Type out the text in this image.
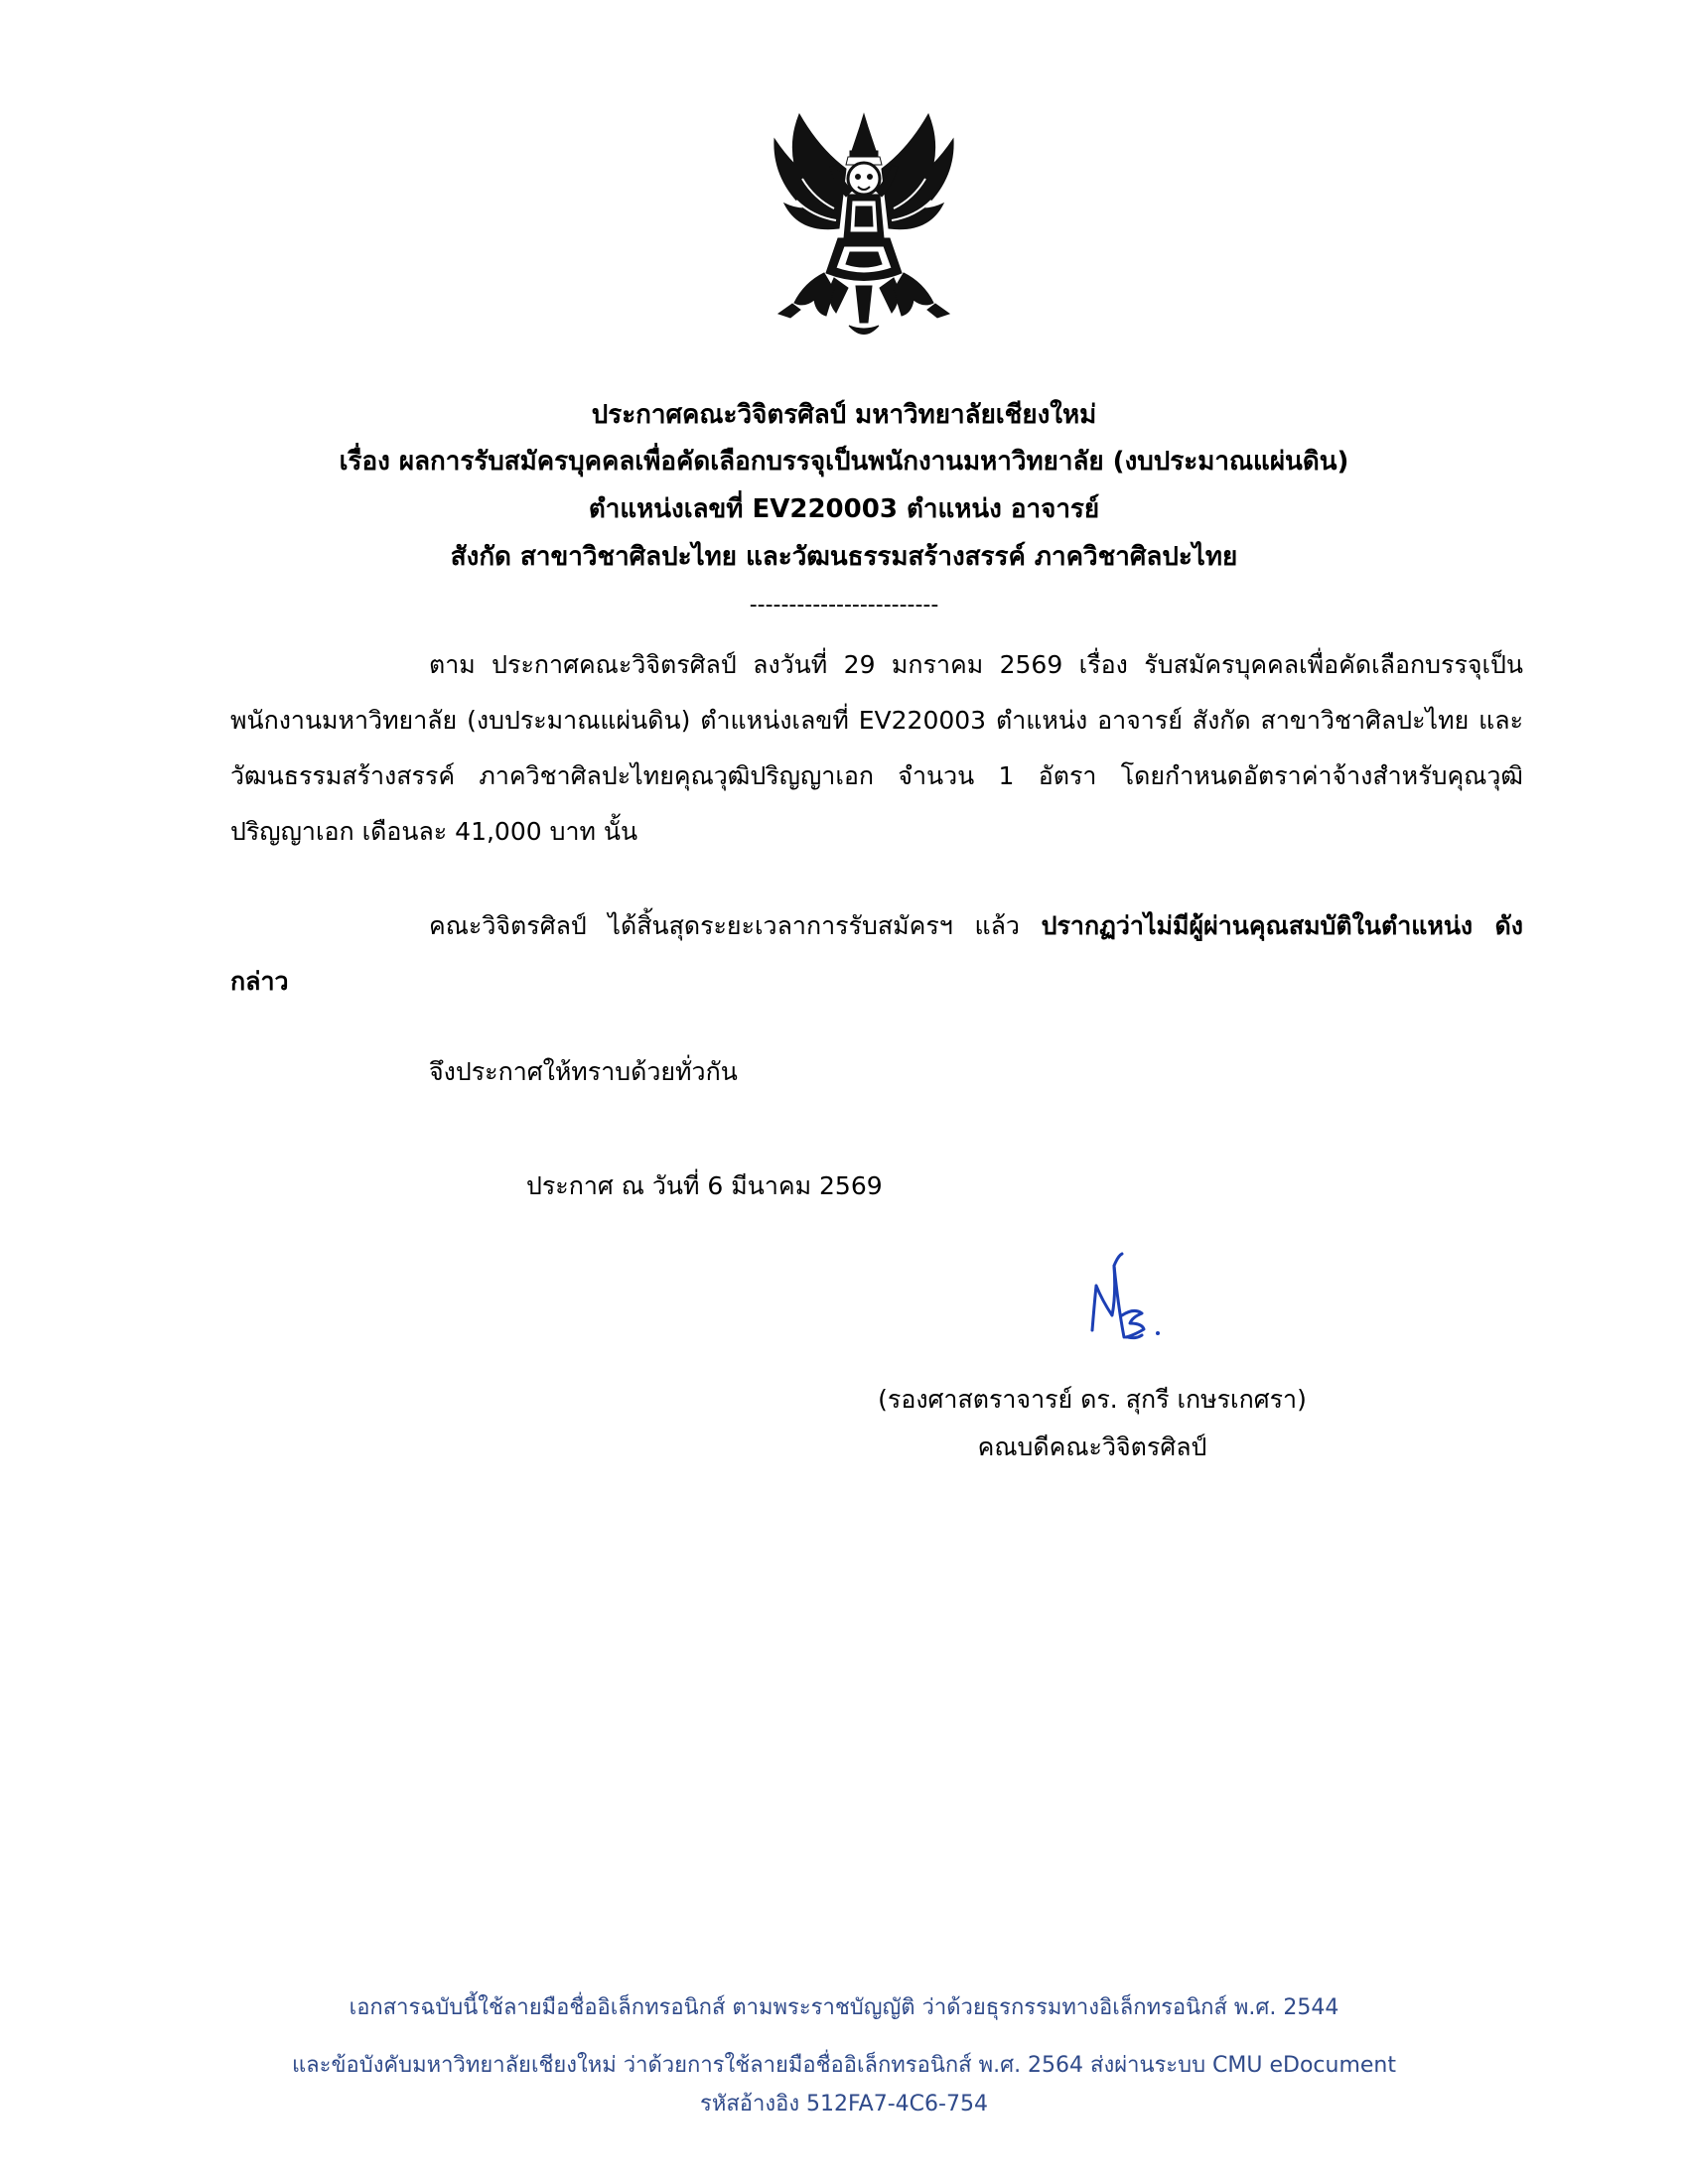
ประกาศคณะวิจิตรศิลป์ มหาวิทยาลัยเชียงใหม่
เรื่อง ผลการรับสมัครบุคคลเพื่อคัดเลือกบรรจุเป็นพนักงานมหาวิทยาลัย (งบประมาณแผ่นดิน)
ตำแหน่งเลขที่ EV220003 ตำแหน่ง อาจารย์
สังกัด สาขาวิชาศิลปะไทย และวัฒนธรรมสร้างสรรค์ ภาควิชาศิลปะไทย
------------------------

ตาม ประกาศคณะวิจิตรศิลป์ ลงวันที่ 29 มกราคม 2569 เรื่อง รับสมัครบุคคลเพื่อคัดเลือกบรรจุเป็นพนักงานมหาวิทยาลัย (งบประมาณแผ่นดิน) ตำแหน่งเลขที่ EV220003 ตำแหน่ง อาจารย์ สังกัด สาขาวิชาศิลปะไทย และวัฒนธรรมสร้างสรรค์ ภาควิชาศิลปะไทยคุณวุฒิปริญญาเอก จำนวน 1 อัตรา โดยกำหนดอัตราค่าจ้างสำหรับคุณวุฒิปริญญาเอก เดือนละ 41,000 บาท นั้น

คณะวิจิตรศิลป์ ได้สิ้นสุดระยะเวลาการรับสมัครฯ แล้ว ปรากฏว่าไม่มีผู้ผ่านคุณสมบัติในตำแหน่ง ดังกล่าว

จึงประกาศให้ทราบด้วยทั่วกัน
ประกาศ ณ วันที่ 6 มีนาคม 2569
(รองศาสตราจารย์ ดร. สุกรี เกษรเกศรา)
คณบดีคณะวิจิตรศิลป์
เอกสารฉบับนี้ใช้ลายมือชื่ออิเล็กทรอนิกส์ ตามพระราชบัญญัติ ว่าด้วยธุรกรรมทางอิเล็กทรอนิกส์ พ.ศ. 2544
และข้อบังคับมหาวิทยาลัยเชียงใหม่ ว่าด้วยการใช้ลายมือชื่ออิเล็กทรอนิกส์ พ.ศ. 2564 ส่งผ่านระบบ CMU eDocument
รหัสอ้างอิง 512FA7-4C6-754
